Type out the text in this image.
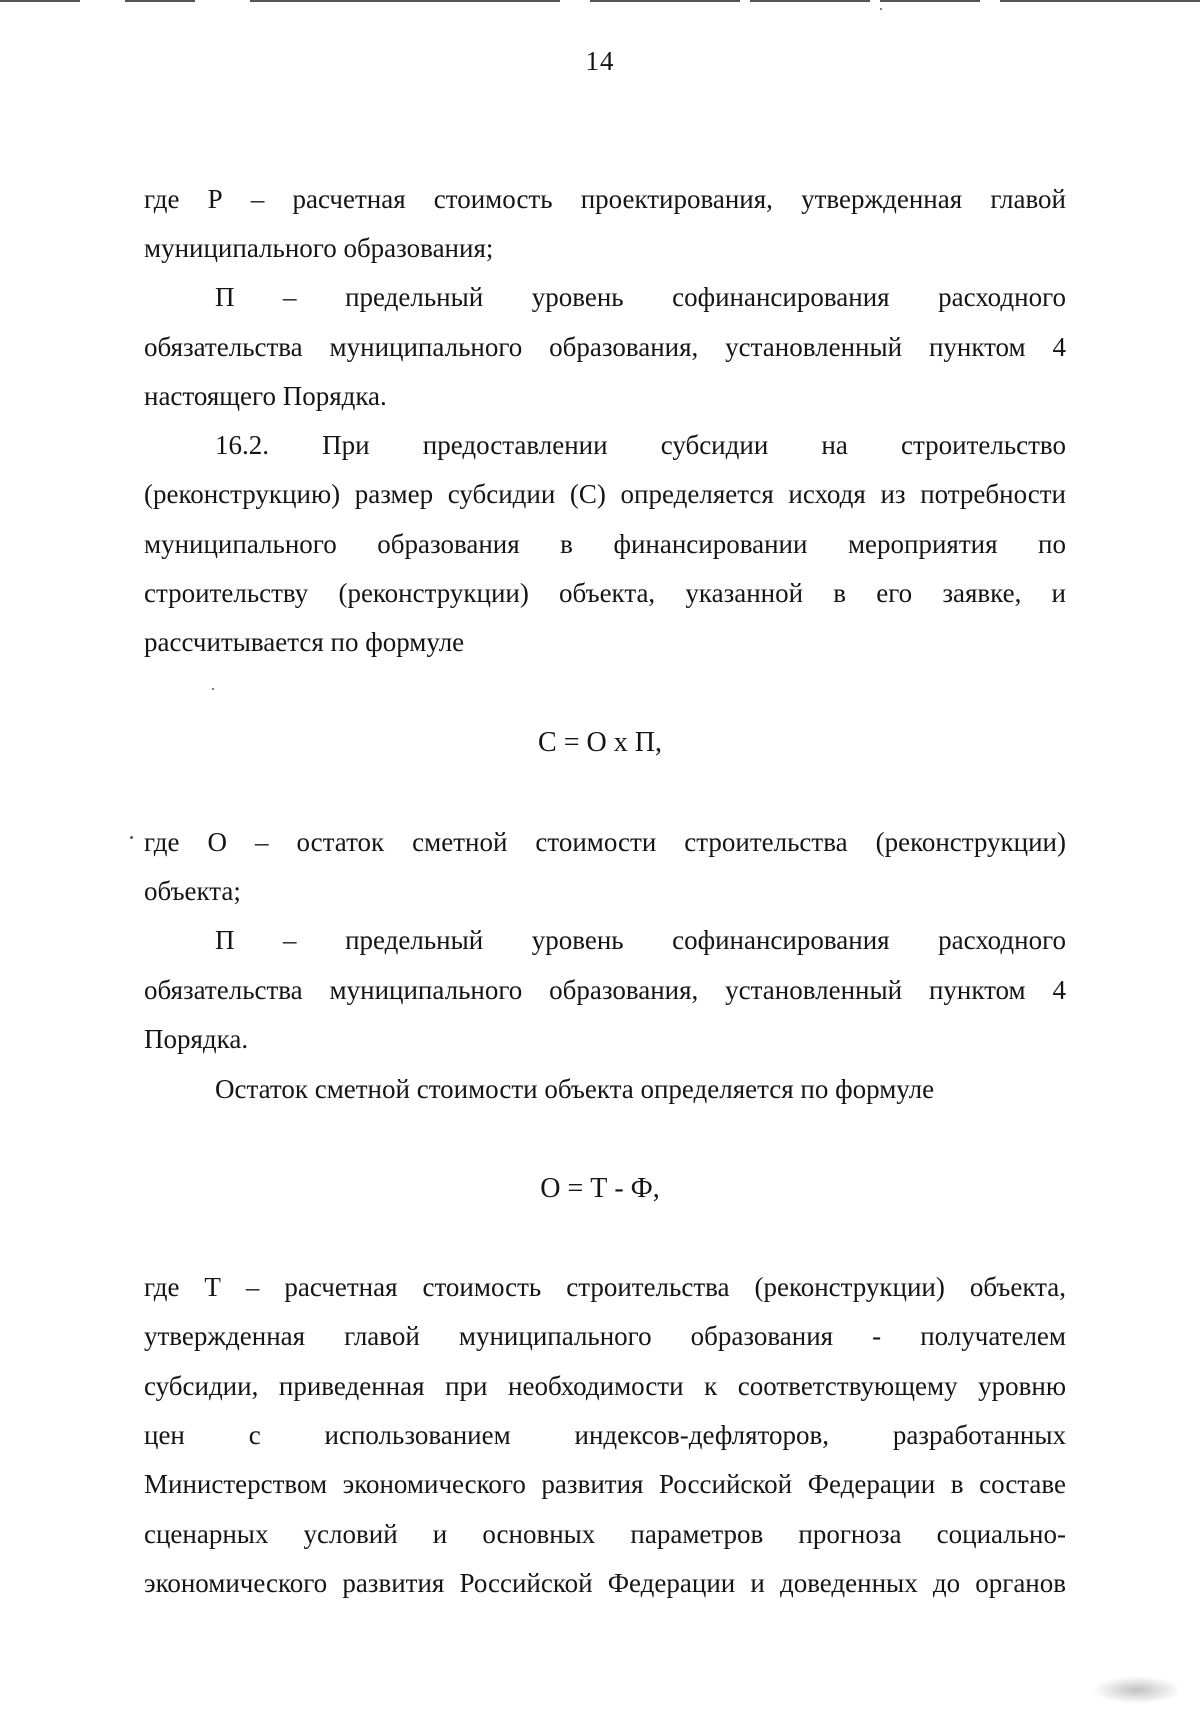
14
где Р – расчетная стоимость проектирования, утвержденная главой
муниципального образования;
П – предельный уровень софинансирования расходного
обязательства муниципального образования, установленный пунктом 4
настоящего Порядка.
16.2. При предоставлении субсидии на строительство
(реконструкцию) размер субсидии (С) определяется исходя из потребности
муниципального образования в финансировании мероприятия по
строительству (реконструкции) объекта, указанной в его заявке, и
рассчитывается по формуле
С = О х П,
где О – остаток сметной стоимости строительства (реконструкции)
объекта;
П – предельный уровень софинансирования расходного
обязательства муниципального образования, установленный пунктом 4
Порядка.
Остаток сметной стоимости объекта определяется по формуле
О = Т - Ф,
где Т – расчетная стоимость строительства (реконструкции) объекта,
утвержденная главой муниципального образования - получателем
субсидии, приведенная при необходимости к соответствующему уровню
цен с использованием индексов-дефляторов, разработанных
Министерством экономического развития Российской Федерации в составе
сценарных условий и основных параметров прогноза социально-
экономического развития Российской Федерации и доведенных до органов
